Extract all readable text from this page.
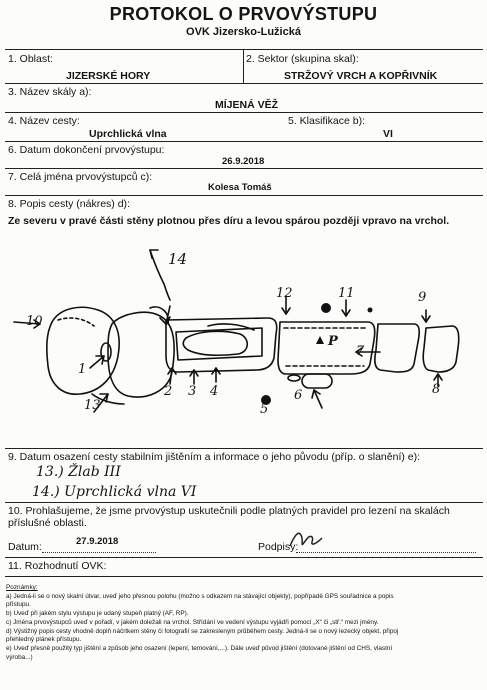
PROTOKOL O PRVOVÝSTUPU
OVK Jizersko-Lužická
1. Oblast:	2. Sektor (skupina skal):
JIZERSKÉ HORY	STRŽOVÝ VRCH A KOPŘIVNÍK
3. Název skály a):
MÍJENÁ VĚŽ
4. Název cesty:	5. Klasifikace b):
Uprchlická vlna	VI
6. Datum dokončení prvovýstupu:
26.9.2018
7. Celá jména prvovýstupců c):
Kolesa Tomáš
8. Popis cesty (nákres) d):
Ze severu v pravé části stěny plotnou přes díru a levou spárou později vpravo na vrchol.
14
12	11	9
10
P
7
1
2 3 4
5
6	8
13
9. Datum osazení cesty stabilním jištěním a informace o jeho původu (příp. o slanění) e):
13.) Žlab III
14.) Uprchlická vlna VI
10. Prohlašujeme, že jsme prvovýstup uskutečnili podle platných pravidel pro lezení na skalách příslušné oblasti.
Datum:	27.9.2018	Podpisy:
11. Rozhodnutí OVK:
Poznámky:
a) Jedná-li se o nový skalní útvar, uveď jeho přesnou polohu (možno s odkazem na stávající objekty), popřípadě GPS souřadnice a popis
přístupu.
b) Uveď při jakém stylu výstupu je udaný stupeň platný (AF, RP).
c) Jména prvovýstupců uveď v pořadí, v jakém doležali na vrchol. Střídání ve vedení výstupu vyjádři pomocí „X“ či „stř.“ mezi jmény.
d) Výstižný popis cesty vhodně doplň náčrtkem stěny či fotografií se zakresleným průběhem cesty. Jedná-li se o nový lezecký objekt, připoj
přehledný plánek přístupu.
e) Uveď přesně použitý typ jištění a způsob jeho osazení (lepení, temování,...). Dále uveď původ jištění (dotované jištění od ČHS, vlastní
výroba...)
